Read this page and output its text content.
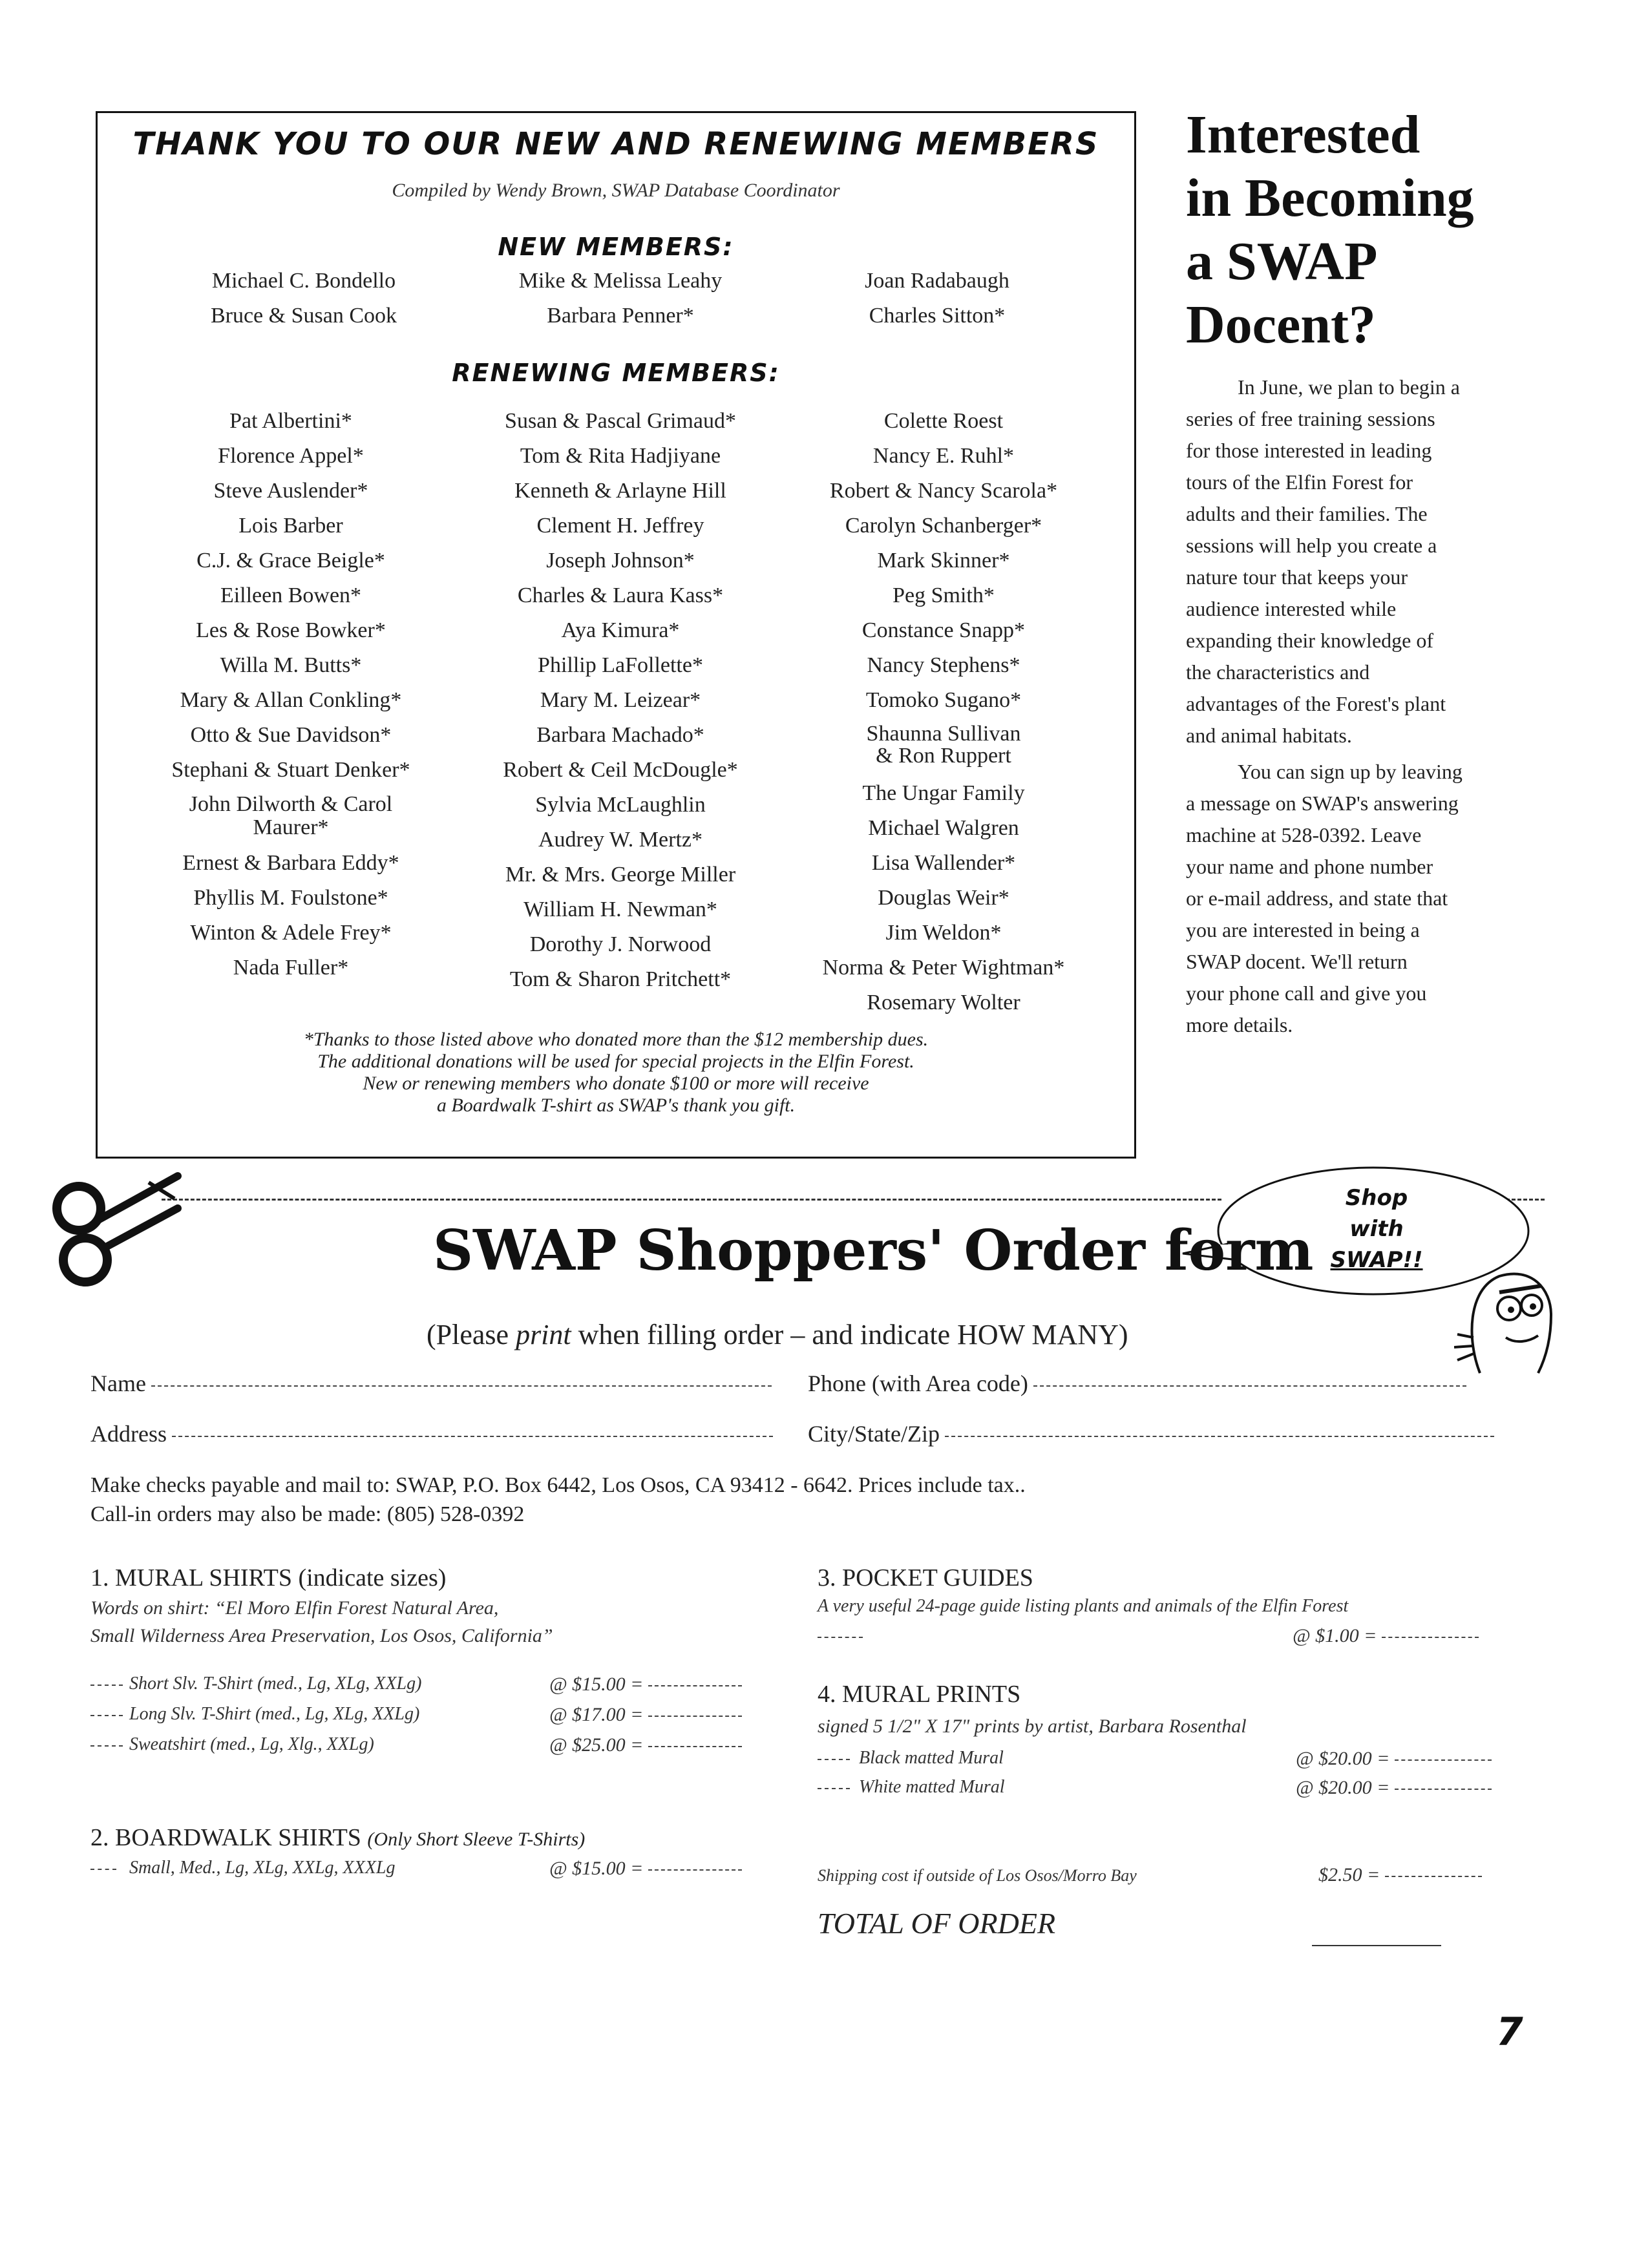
THANK YOU TO OUR NEW AND RENEWING MEMBERS
Compiled by Wendy Brown, SWAP Database Coordinator
NEW MEMBERS:
Michael C. Bondello
Bruce & Susan Cook
Mike & Melissa Leahy
Barbara Penner*
Joan Radabaugh
Charles Sitton*
RENEWING MEMBERS:
Pat Albertini*
Florence Appel*
Steve Auslender*
Lois Barber
C.J. & Grace Beigle*
Eilleen Bowen*
Les & Rose Bowker*
Willa M. Butts*
Mary & Allan Conkling*
Otto & Sue Davidson*
Stephani & Stuart Denker*
John Dilworth & Carol
Maurer*
Ernest & Barbara Eddy*
Phyllis M. Foulstone*
Winton & Adele Frey*
Nada Fuller*
Susan & Pascal Grimaud*
Tom & Rita Hadjiyane
Kenneth & Arlayne Hill
Clement H. Jeffrey
Joseph Johnson*
Charles & Laura Kass*
Aya Kimura*
Phillip LaFollette*
Mary M. Leizear*
Barbara Machado*
Robert & Ceil McDougle*
Sylvia McLaughlin
Audrey W. Mertz*
Mr. & Mrs. George Miller
William H. Newman*
Dorothy J. Norwood
Tom & Sharon Pritchett*
Colette Roest
Nancy E. Ruhl*
Robert & Nancy Scarola*
Carolyn Schanberger*
Mark Skinner*
Peg Smith*
Constance Snapp*
Nancy Stephens*
Tomoko Sugano*
Shaunna Sullivan
& Ron Ruppert
The Ungar Family
Michael Walgren
Lisa Wallender*
Douglas Weir*
Jim Weldon*
Norma & Peter Wightman*
Rosemary Wolter
*Thanks to those listed above who donated more than the $12 membership dues.
The additional donations will be used for special projects in the Elfin Forest.
New or renewing members who donate $100 or more will receive
a Boardwalk T-shirt as SWAP's thank you gift.
Interested
in Becoming
a SWAP
Docent?
In June, we plan to begin a
series of free training sessions
for those interested in leading
tours of the Elfin Forest for
adults and their families. The
sessions will help you create a
nature tour that keeps your
audience interested while
expanding their knowledge of
the characteristics and
advantages of the Forest's plant
and animal habitats.
You can sign up by leaving
a message on SWAP's answering
machine at 528-0392. Leave
your name and phone number
or e-mail address, and state that
you are interested in being a
SWAP docent. We'll return
your phone call and give you
more details.
Shop
with
SWAP!!
SWAP Shoppers' Order form
(Please print when filling order – and indicate HOW MANY)
Name	Phone (with Area code)
Address	City/State/Zip
Make checks payable and mail to: SWAP, P.O. Box 6442, Los Osos, CA 93412 - 6642. Prices include tax..
Call-in orders may also be made: (805) 528-0392
1. MURAL SHIRTS (indicate sizes)
Words on shirt: “El Moro Elfin Forest Natural Area,
Small Wilderness Area Preservation, Los Osos, California”
Short Slv. T-Shirt (med., Lg, XLg, XXLg)	@ $15.00 =
Long Slv. T-Shirt (med., Lg, XLg, XXLg)	@ $17.00 =
Sweatshirt (med., Lg, Xlg., XXLg)	@ $25.00 =
2. BOARDWALK SHIRTS (Only Short Sleeve T-Shirts)
Small, Med., Lg, XLg, XXLg, XXXLg	@ $15.00 =
3. POCKET GUIDES
A very useful 24-page guide listing plants and animals of the Elfin Forest
@ $1.00 =
4. MURAL PRINTS
signed 5 1/2" X 17" prints by artist, Barbara Rosenthal
Black matted Mural	@ $20.00 =
White matted Mural	@ $20.00 =
Shipping cost if outside of Los Osos/Morro Bay	$2.50 =
TOTAL OF ORDER
7
